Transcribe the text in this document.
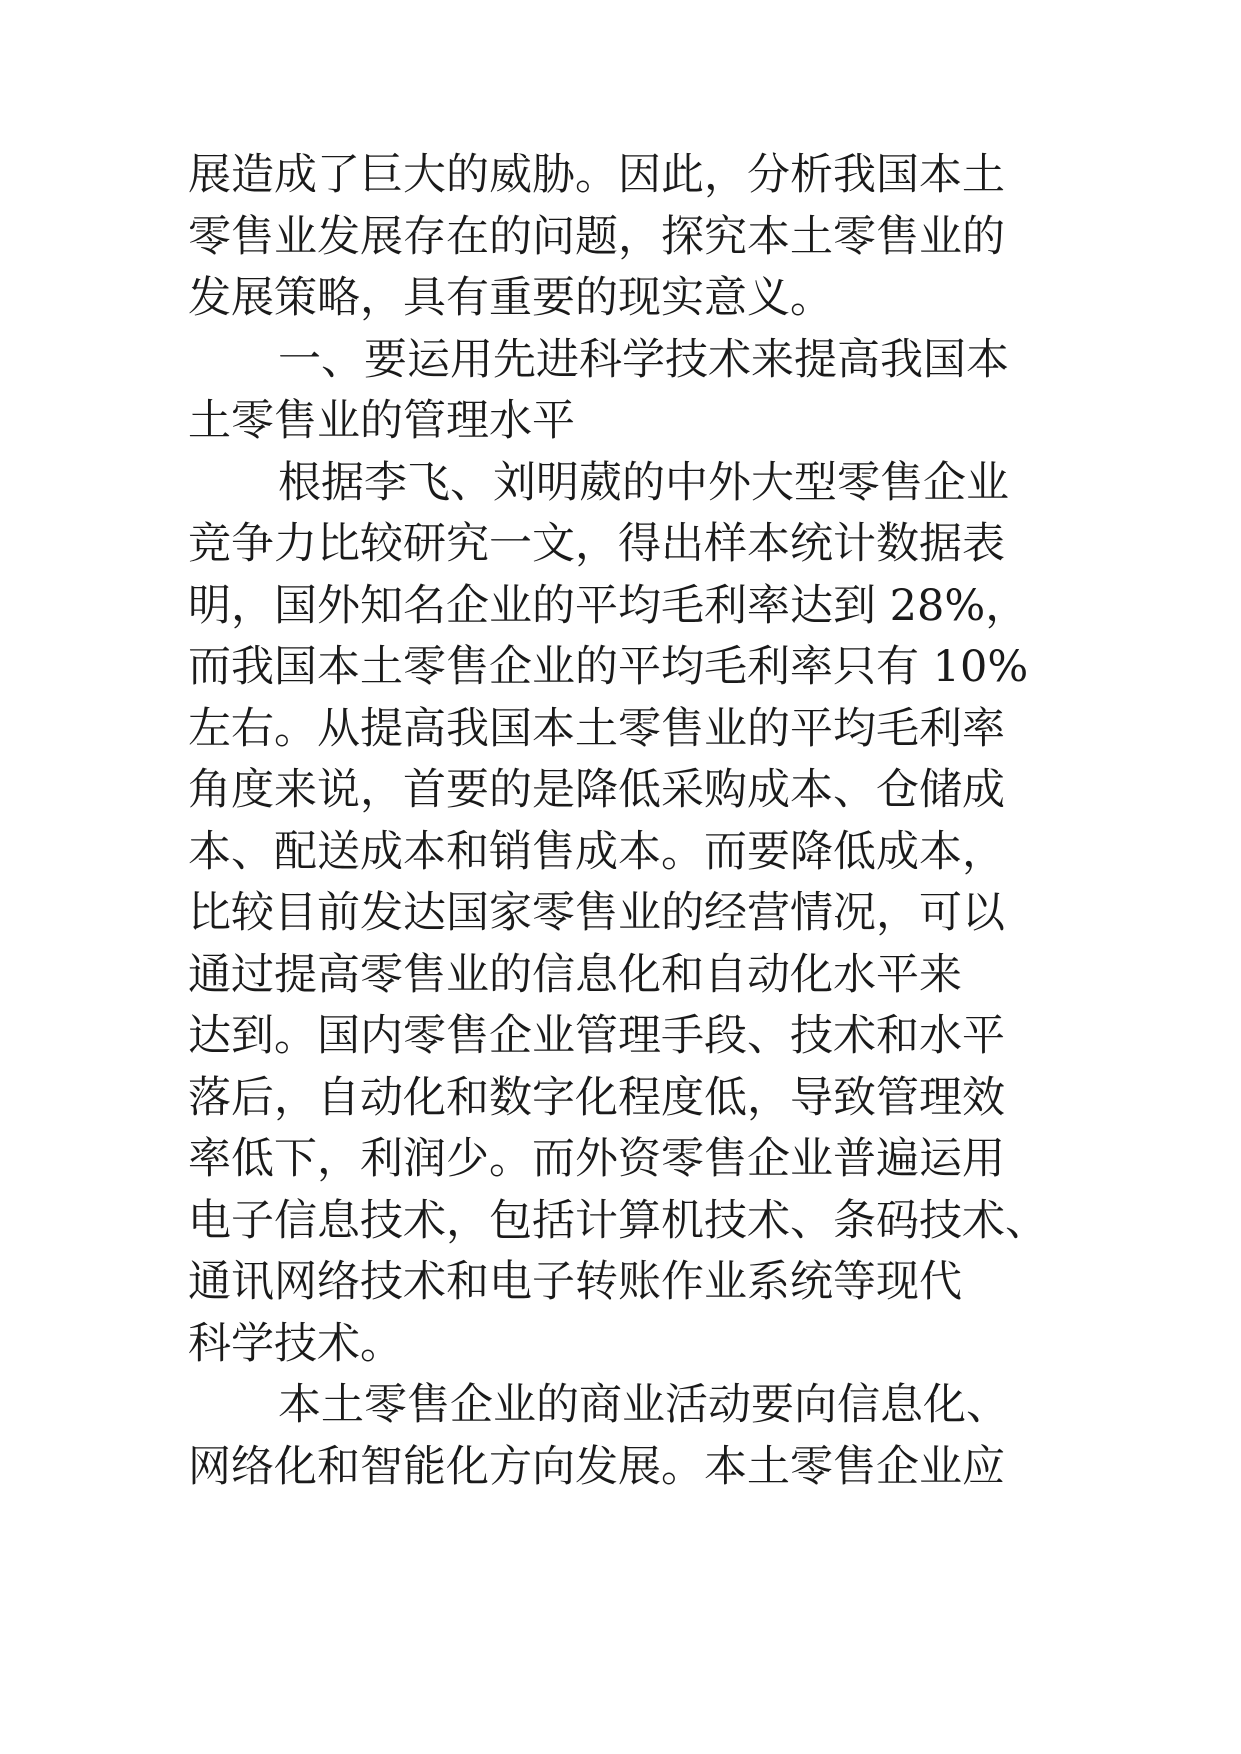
展造成了巨大的威胁。因此，分析我国本土
零售业发展存在的问题，探究本土零售业的
发展策略，具有重要的现实意义。
一、要运用先进科学技术来提高我国本
土零售业的管理水平
根据李飞、刘明葳的中外大型零售企业
竞争力比较研究一文，得出样本统计数据表
明，国外知名企业的平均毛利率达到 28%，
而我国本土零售企业的平均毛利率只有 10%
左右。从提高我国本土零售业的平均毛利率
角度来说，首要的是降低采购成本、仓储成
本、配送成本和销售成本。而要降低成本，
比较目前发达国家零售业的经营情况，可以
通过提高零售业的信息化和自动化水平来
达到。国内零售企业管理手段、技术和水平
落后，自动化和数字化程度低，导致管理效
率低下，利润少。而外资零售企业普遍运用
电子信息技术，包括计算机技术、条码技术、
通讯网络技术和电子转账作业系统等现代
科学技术。
本土零售企业的商业活动要向信息化、
网络化和智能化方向发展。本土零售企业应
